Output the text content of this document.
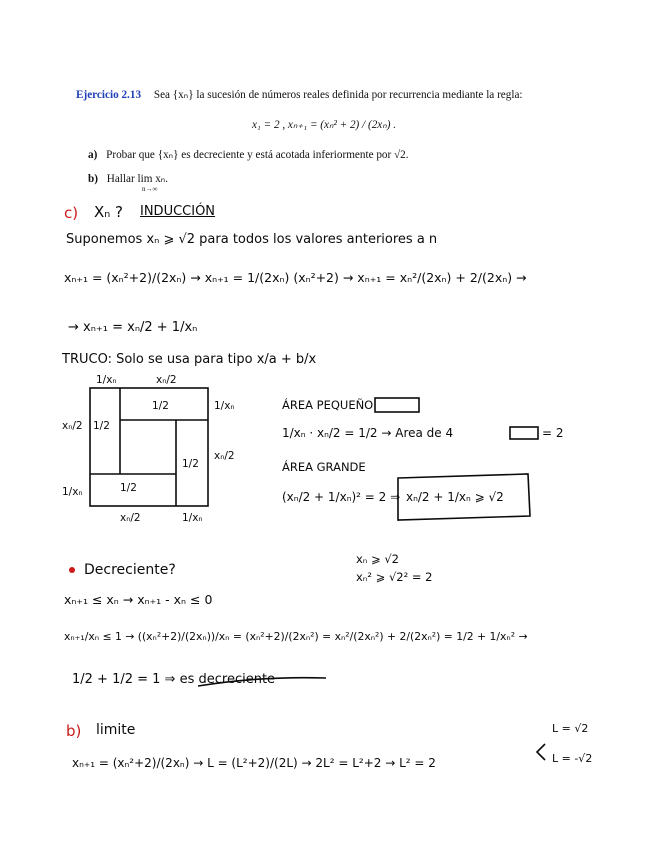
Ejercicio 2.13 Sea {xₙ} la sucesión de números reales definida por recurrencia mediante la regla:
x₁ = 2 , xₙ₊₁ = (xₙ² + 2) / (2xₙ) .
a) Probar que {xₙ} es decreciente y está acotada inferiormente por √2.
b) Hallar lim xₙ.
n→∞
c) Xₙ ? INDUCCIÓN
Suponemos xₙ ⩾ √2 para todos los valores anteriores a n
xₙ₊₁ = (xₙ²+2)/(2xₙ) → xₙ₊₁ = 1/(2xₙ) (xₙ²+2) → xₙ₊₁ = xₙ²/(2xₙ) + 2/(2xₙ) →
→ xₙ₊₁ = xₙ/2 + 1/xₙ
TRUCO: Solo se usa para tipo x/a + b/x
1/xₙ	xₙ/2
xₙ/2
1/xₙ
1/2
1/2
1/2
1/2
1/xₙ
xₙ/2
xₙ/2	1/xₙ
ÁREA PEQUEÑO
1/xₙ · xₙ/2 = 1/2 → Area de 4	= 2
ÁREA GRANDE
(xₙ/2 + 1/xₙ)² = 2 ⇒ xₙ/2 + 1/xₙ ⩾ √2
Decreciente?
xₙ ⩾ √2
xₙ² ⩾ √2² = 2
xₙ₊₁ ≤ xₙ → xₙ₊₁ - xₙ ≤ 0
xₙ₊₁/xₙ ≤ 1 → ((xₙ²+2)/(2xₙ))/xₙ = (xₙ²+2)/(2xₙ²) = xₙ²/(2xₙ²) + 2/(2xₙ²) = 1/2 + 1/xₙ² →
1/2 + 1/2 = 1 ⇒ es decreciente
b) limite
xₙ₊₁ = (xₙ²+2)/(2xₙ) → L = (L²+2)/(2L) → 2L² = L²+2 → L² = 2
L = √2
L = -√2
